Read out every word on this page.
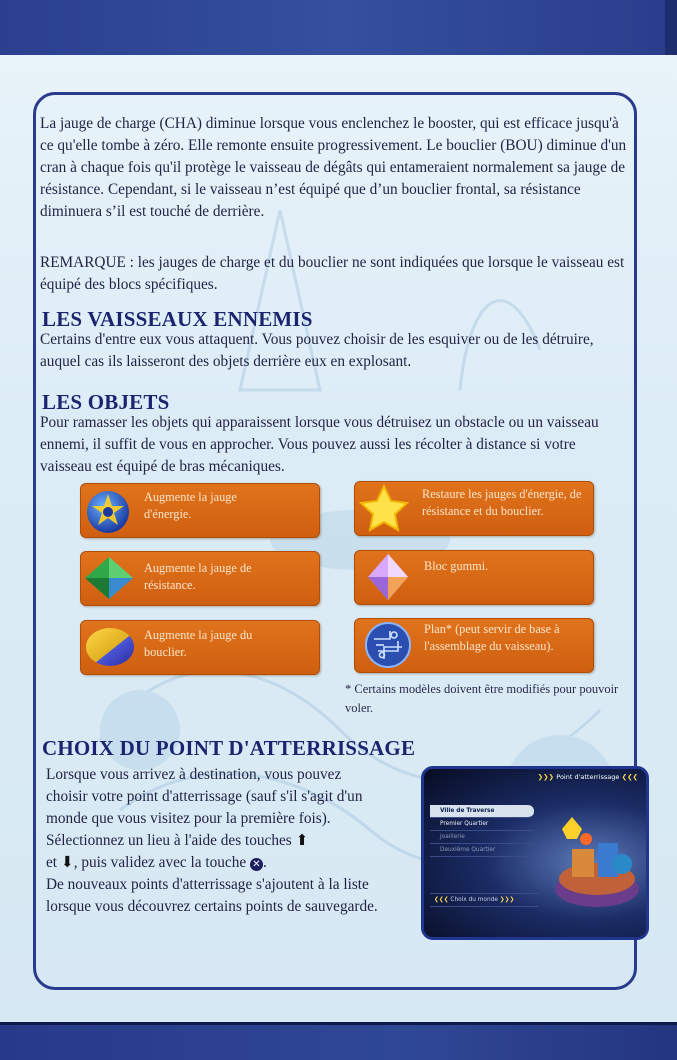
La jauge de charge (CHA) diminue lorsque vous enclenchez le booster, qui est efficace jusqu'à ce qu'elle tombe à zéro. Elle remonte ensuite progressivement. Le bouclier (BOU) diminue d'un cran à chaque fois qu'il protège le vaisseau de dégâts qui entameraient normalement sa jauge de résistance. Cependant, si le vaisseau n’est équipé que d’un bouclier frontal, sa résistance diminuera s’il est touché de derrière.
REMARQUE : les jauges de charge et du bouclier ne sont indiquées que lorsque le vaisseau est équipé des blocs spécifiques.
LES VAISSEAUX ENNEMIS
Certains d'entre eux vous attaquent. Vous pouvez choisir de les esquiver ou de les détruire, auquel cas ils laisseront des objets derrière eux en explosant.
LES OBJETS
Pour ramasser les objets qui apparaissent lorsque vous détruisez un obstacle ou un vaisseau ennemi, il suffit de vous en approcher. Vous pouvez aussi les récolter à distance si votre vaisseau est équipé de bras mécaniques.
Augmente la jauge d'énergie.
Restaure les jauges d'énergie, de résistance et du bouclier.
Augmente la jauge de résistance.
Bloc gummi.
Augmente la jauge du bouclier.
Plan* (peut servir de base à l'assemblage du vaisseau).
* Certains modèles doivent être modifiés pour pouvoir voler.
CHOIX DU POINT D'ATTERRISSAGE
Lorsque vous arrivez à destination, vous pouvez choisir votre point d'atterrissage (sauf s'il s'agit d'un monde que vous visitez pour la première fois). Sélectionnez un lieu à l'aide des touches ⬆
et ⬇, puis validez avec la touche ✕ .
De nouveaux points d'atterrissage s'ajoutent à la liste lorsque vous découvrez certains points de sauvegarde.
❯❯❯ Point d'atterrissage ❮❮❮
Ville de Traverse
Premier Quartier
Joaillerie
Deuxième Quartier
❮❮❮ Choix du monde ❯❯❯
